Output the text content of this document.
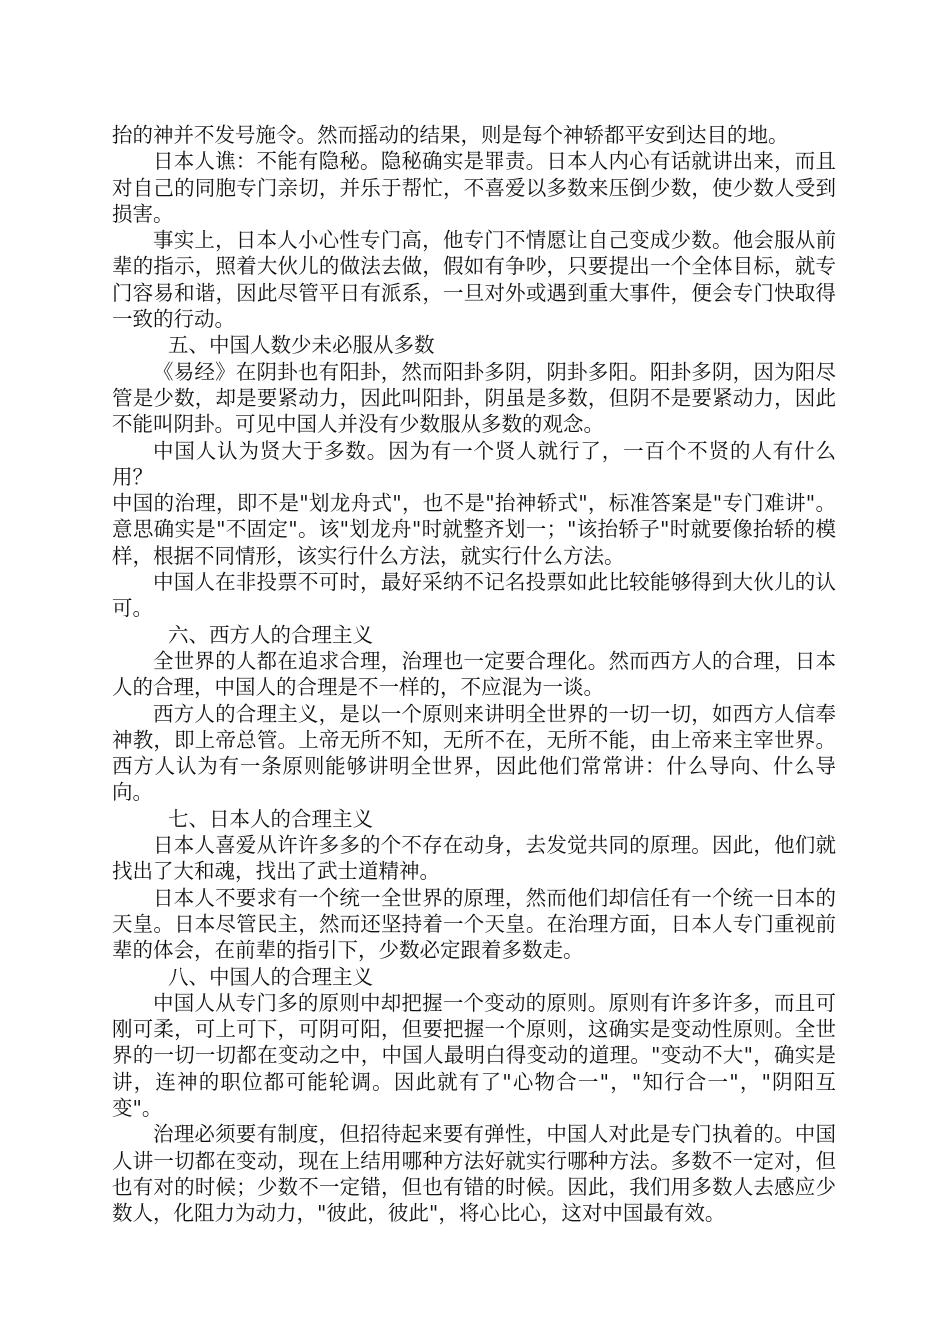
抬的神并不发号施令。然而摇动的结果，则是每个神轿都平安到达目的地。

日本人谯：不能有隐秘。隐秘确实是罪责。日本人内心有话就讲出来，而且对自己的同胞专门亲切，并乐于帮忙，不喜爱以多数来压倒少数，使少数人受到损害。

事实上，日本人小心性专门高，他专门不情愿让自己变成少数。他会服从前辈的指示，照着大伙儿的做法去做，假如有争吵，只要提出一个全体目标，就专门容易和谐，因此尽管平日有派系，一旦对外或遇到重大事件，便会专门快取得一致的行动。

五、中国人数少未必服从多数

《易经》在阴卦也有阳卦，然而阳卦多阴，阴卦多阳。阳卦多阴，因为阳尽管是少数，却是要紧动力，因此叫阳卦，阴虽是多数，但阴不是要紧动力，因此不能叫阴卦。可见中国人并没有少数服从多数的观念。

中国人认为贤大于多数。因为有一个贤人就行了，一百个不贤的人有什么用？

中国的治理，即不是"划龙舟式"，也不是"抬神轿式"，标准答案是"专门难讲"。意思确实是"不固定"。该"划龙舟"时就整齐划一；"该抬轿子"时就要像抬轿的模样，根据不同情形，该实行什么方法，就实行什么方法。

中国人在非投票不可时，最好采纳不记名投票如此比较能够得到大伙儿的认可。

六、西方人的合理主义

全世界的人都在追求合理，治理也一定要合理化。然而西方人的合理，日本人的合理，中国人的合理是不一样的，不应混为一谈。

西方人的合理主义，是以一个原则来讲明全世界的一切一切，如西方人信奉神教，即上帝总管。上帝无所不知，无所不在，无所不能，由上帝来主宰世界。西方人认为有一条原则能够讲明全世界，因此他们常常讲：什么导向、什么导向。

七、日本人的合理主义

日本人喜爱从许许多多的个不存在动身，去发觉共同的原理。因此，他们就找出了大和魂，找出了武士道精神。

日本人不要求有一个统一全世界的原理，然而他们却信任有一个统一日本的天皇。日本尽管民主，然而还坚持着一个天皇。在治理方面，日本人专门重视前辈的体会，在前辈的指引下，少数必定跟着多数走。

八、中国人的合理主义

中国人从专门多的原则中却把握一个变动的原则。原则有许多许多，而且可刚可柔，可上可下，可阴可阳，但要把握一个原则，这确实是变动性原则。全世界的一切一切都在变动之中，中国人最明白得变动的道理。"变动不大"，确实是讲，连神的职位都可能轮调。因此就有了"心物合一"，"知行合一"，"阴阳互变"。

治理必须要有制度，但招待起来要有弹性，中国人对此是专门执着的。中国人讲一切都在变动，现在上结用哪种方法好就实行哪种方法。多数不一定对，但也有对的时候；少数不一定错，但也有错的时候。因此，我们用多数人去感应少数人，化阻力为动力，"彼此，彼此"，将心比心，这对中国最有效。
